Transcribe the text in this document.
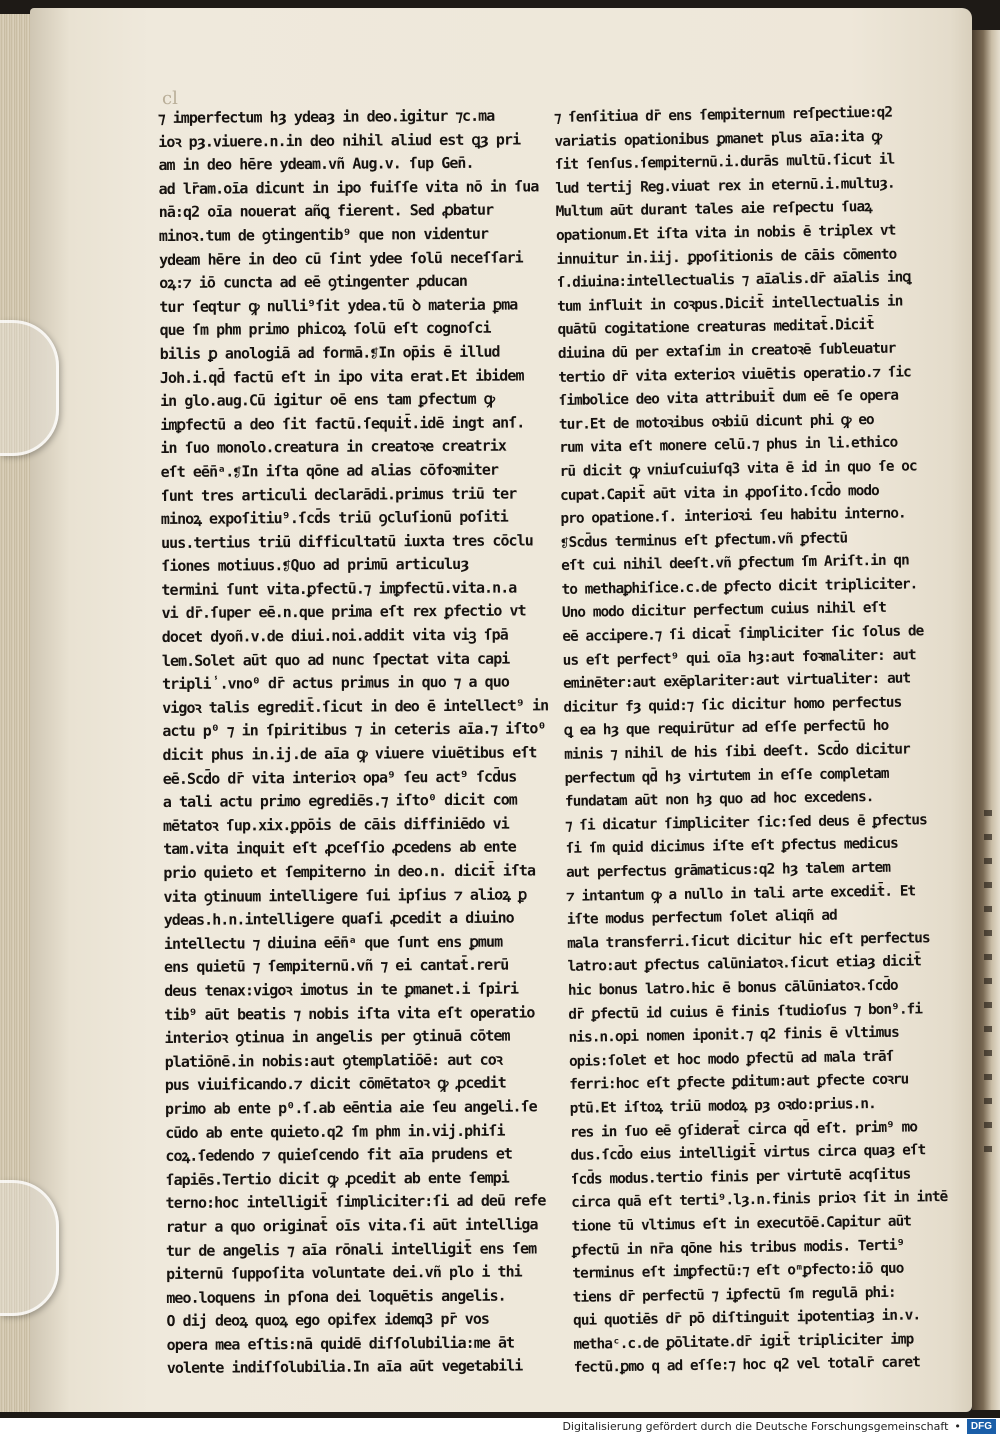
cl
⁊ imperfectum hȝ ydeaȝ in deo.igitur ⁊c.ma
ioꝛ pȝ.viuere.n.in deo nihil aliud est ꝗȝ pri
am in deo hēre ydeam.vñ Aug.v. ſup Gen̄.
ad lr̄am.oīa dicunt in ipo fuiſſe vita nō in ſua
nā:q2 oīa nouerat añꝗ fierent. Sed ꝓbatur
minoꝛ.tum de ꝯtingentib⁹ que non videntur
ydeam hēre in deo cū ſint ydee ſolū neceſſari
oꝝ:⁊ iō cuncta ad eē ꝯtingenter ꝓducan
tur ſeqtur ꝙ nulli⁹ſit ydea.tū ꝺ materia ꝑma
que ſm phm primo phicoꝝ ſolū eſt cognoſci
bilis ꝑ anologiā ad formā.❡In op̄is ē illud
Joh.i.qd̄ factū eſt in ipo vita erat.Et ibidem
in glo.aug.Cū igitur oē ens tam ꝑfectum ꝙ
imꝑfectū a deo ſit factū.ſequit̄.idē ingt anſ.
in ſuo monolo.creatura in creatoꝛe creatrix
eſt eēn̄ᵃ.❡In iſta qōne ad alias cōfoꝛmiter
ſunt tres articuli declarādi.primus triū ter
minoꝝ expoſitiu⁹.ſcd̄s triū ꝯcluſionū poſiti
uus.tertius triū difficultatū iuxta tres cōclu
ſiones motiuus.❡Quo ad primū articuluȝ
termini ſunt vita.ꝑfectū.⁊ imꝑfectū.vita.n.a
vi dr̄.ſuper eē.n.que prima eſt rex ꝑfectio vt
docet dyoñ.v.de diui.noi.addit vita viꝫ ſpā
lem.Solet aūt quo ad nunc ſpectat vita capi
tripli̾.vno⁰ dr̄ actus primus in quo ⁊ a quo
vigoꝛ talis egredit̄.ſicut in deo ē intellect⁹ in
actu p⁰ ⁊ in ſpiritibus ⁊ in ceteris aīa.⁊ iſto⁰
dicit phus in.ij.de aīa ꝙ viuere viuētibus eſt
eē.Scd̄o dr̄ vita interioꝛ opa⁹ ſeu act⁹ ſcd̄us
a tali actu primo egrediēs.⁊ iſto⁰ dicit com
mētatoꝛ ſup.xix.ꝑpōis de cāis diffiniēdo vi
tam.vita inquit eſt ꝓceſſio ꝓcedens ab ente
prio quieto et ſempiterno in deo.n. dicit̄ iſta
vita ꝯtinuum intelligere ſui ipſius ⁊ alioꝝ ꝑ
ydeas.h.n.intelligere quaſi ꝓcedit a diuino
intellectu ⁊ diuina eēn̄ᵃ que ſunt ens ꝑmum
ens quietū ⁊ ſempiternū.vñ ⁊ ei cantat̄.rerū
deus tenax:vigoꝛ imotus in te ꝑmanet.i ſpiri
tib⁹ aūt beatis ⁊ nobis iſta vita eſt operatio
interioꝛ ꝯtinua in angelis per ꝯtinuā cōtem
platiōnē.in nobis:aut ꝯtemplatiōē: aut coꝛ
pus viuificando.⁊ dicit cōmētatoꝛ ꝙ ꝓcedit
primo ab ente p⁰.ſ.ab eēntia aie ſeu angeli.ſe
cūdo ab ente quieto.q2 ſm phm in.vij.phiſi
coꝝ.ſedendo ⁊ quieſcendo fit aīa prudens et
ſapiēs.Tertio dicit ꝙ ꝓcedit ab ente ſempi
terno:hoc intelligit̄ ſimpliciter:ſi ad deū refe
ratur a quo originat̄ oīs vita.ſi aūt intelliga
tur de angelis ⁊ aīa rōnali intelligit̄ ens ſem
piternū ſuppoſita voluntate dei.vñ plo i thi
meo.loquens in pſona dei loquētis angelis.
O dij deoꝝ quoꝝ ego opifex idemq3 pr̄ vos
opera mea eſtis:nā quidē diſſolubilia:me āt
volente indiſſolubilia.In aīa aūt vegetabili
⁊ ſenſitiua dr̄ ens ſempiternum reſpectiue:q2
variatis opationibus ꝑmanet plus aīa:ita ꝙ
ſit ſenſus.ſempiternū.i.durās multū.ſicut il
lud tertij Reg.viuat rex in eternū.i.multuȝ.
Multum aūt durant tales aie reſpectu ſuaꝝ
opationum.Et iſta vita in nobis ē triplex vt
innuitur in.iij. ꝑpoſitionis de cāis cōmento
ſ.diuina:intellectualis ⁊ aīalis.dr̄ aīalis inꝗ
tum influit in coꝛpus.Dicit̄ intellectualis in
quātū cogitatione creaturas meditat̄.Dicit̄
diuina dū per extaſim in creatoꝛē ſubleuatur
tertio dr̄ vita exterioꝛ viuētis operatio.⁊ ſic
ſimbolice deo vita attribuit̄ dum eē ſe opera
tur.Et de motoꝛibus oꝛbiū dicunt phi ꝙ eo
rum vita eſt monere celū.⁊ phus in li.ethico
rū dicit ꝙ vniuſcuiuſq3 vita ē id in quo ſe oc
cupat.Capit̄ aūt vita in ꝓpoſito.ſcd̄o modo
pro opatione.ſ. interioꝛi ſeu habitu interno.
❡Scd̄us terminus eſt ꝑfectum.vñ ꝑfectū
eſt cui nihil deeſt.vñ ꝑfectum ſm Ariſt.in qn
to methaꝑhiſice.c.de ꝑfecto dicit tripliciter.
Uno modo dicitur perfectum cuius nihil eſt
eē accipere.⁊ ſi dicat̄ ſimpliciter ſic ſolus de
us eſt perfect⁹ qui oīa hȝ:aut foꝛmaliter: aut
eminēter:aut exēplariter:aut virtualiter: aut
dicitur fȝ quid:⁊ ſic dicitur homo perfectus
ꝗ ea hȝ que requirūtur ad eſſe perfectū ho
minis ⁊ nihil de his ſibi deeſt. Scd̄o dicitur
perfectum qd̄ hȝ virtutem in eſſe completam
fundatam aūt non hȝ quo ad hoc excedens.
⁊ ſi dicatur ſimpliciter ſic:ſed deus ē ꝑfectus
ſi ſm quid dicimus iſte eſt ꝑfectus medicus
aut perfectus grāmaticus:q2 hȝ talem artem
⁊ intantum ꝙ a nullo in tali arte excedit̄. Et
iſte modus perfectum ſolet aliqñ ad
mala transferri.ſicut dicitur hic eſt perfectus
latro:aut ꝑfectus calūniatoꝛ.ſicut etiaȝ dicit̄
hic bonus latro.hic ē bonus cālūniatoꝛ.ſcd̄o
dr̄ ꝑfectū id cuius ē finis ſtudioſus ⁊ bon⁹.fi
nis.n.opi nomen iponit.⁊ q2 finis ē vltimus
opis:ſolet et hoc modo ꝑfectū ad mala trāſ
ferri:hoc eſt ꝑfecte ꝑditum:aut ꝑfecte coꝛru
ptū.Et iſtoꝝ triū modoꝝ pȝ oꝛdo:prius.n.
res in ſuo eē ꝯſiderat̄ circa qd̄ eſt. prim⁹ mo
dus.ſcd̄o eius intelligit̄ virtus circa quaȝ eſt
ſcd̄s modus.tertio finis per virtutē acqſitus
circa quā eſt terti⁹.lȝ.n.finis prioꝛ ſit in intē
tione tū vltimus eſt in executōē.Capitur aūt
ꝑfectū in nr̄a qōne his tribus modis. Terti⁹
terminus eſt imꝑfectū:⁊ eſt oᵐꝑfecto:iō quo
tiens dr̄ perfectū ⁊ iꝑfectū ſm regulā phi:
qui quotiēs dr̄ pō diſtinguit ipotentiaȝ in.v.
methaᶜ.c.de ꝑōlitate.dr̄ igit̄ tripliciter imp
fectū.ꝑmo q ad eſſe:⁊ hoc q2 vel totalr̄ caret
Digitalisierung gefördert durch die Deutsche Forschungsgemeinschaft •	DFG
